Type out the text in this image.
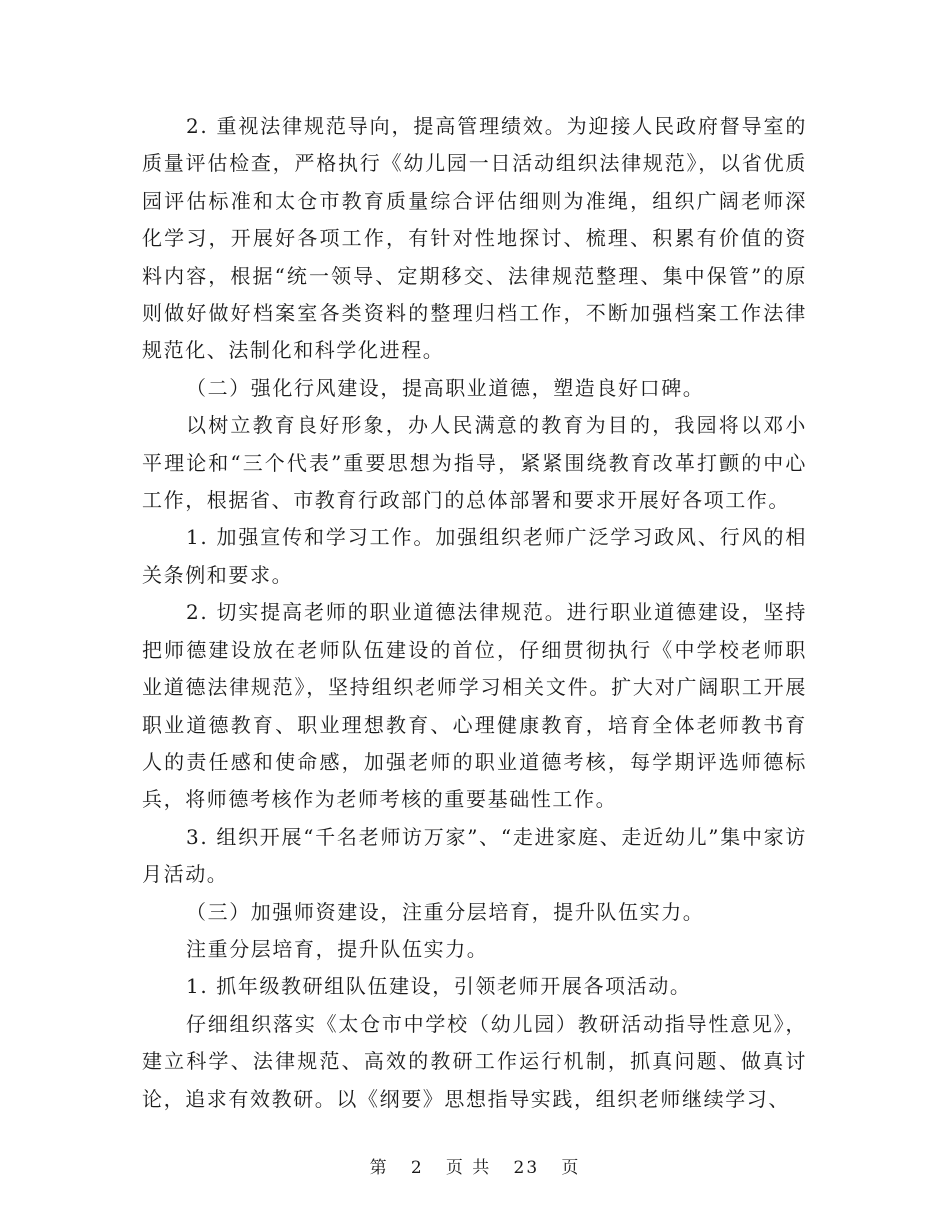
2. 重视法律规范导向，提高管理绩效。为迎接人民政府督导室的质量评估检查，严格执行《幼儿园一日活动组织法律规范》，以省优质园评估标准和太仓市教育质量综合评估细则为准绳，组织广阔老师深化学习，开展好各项工作，有针对性地探讨、梳理、积累有价值的资料内容，根据“统一领导、定期移交、法律规范整理、集中保管”的原则做好做好档案室各类资料的整理归档工作，不断加强档案工作法律规范化、法制化和科学化进程。

（二）强化行风建设，提高职业道德，塑造良好口碑。

以树立教育良好形象，办人民满意的教育为目的，我园将以邓小平理论和“三个代表”重要思想为指导，紧紧围绕教育改革打颤的中心工作，根据省、市教育行政部门的总体部署和要求开展好各项工作。

1. 加强宣传和学习工作。加强组织老师广泛学习政风、行风的相关条例和要求。

2. 切实提高老师的职业道德法律规范。进行职业道德建设，坚持把师德建设放在老师队伍建设的首位，仔细贯彻执行《中学校老师职业道德法律规范》，坚持组织老师学习相关文件。扩大对广阔职工开展职业道德教育、职业理想教育、心理健康教育，培育全体老师教书育人的责任感和使命感，加强老师的职业道德考核，每学期评选师德标兵，将师德考核作为老师考核的重要基础性工作。

3. 组织开展“千名老师访万家”、“走进家庭、走近幼儿”集中家访月活动。

（三）加强师资建设，注重分层培育，提升队伍实力。

注重分层培育，提升队伍实力。

1. 抓年级教研组队伍建设，引领老师开展各项活动。

仔细组织落实《太仓市中学校（幼儿园）教研活动指导性意见》，建立科学、法律规范、高效的教研工作运行机制，抓真问题、做真讨论，追求有效教研。以《纲要》思想指导实践，组织老师继续学习、

第 2 页 共 23 页
